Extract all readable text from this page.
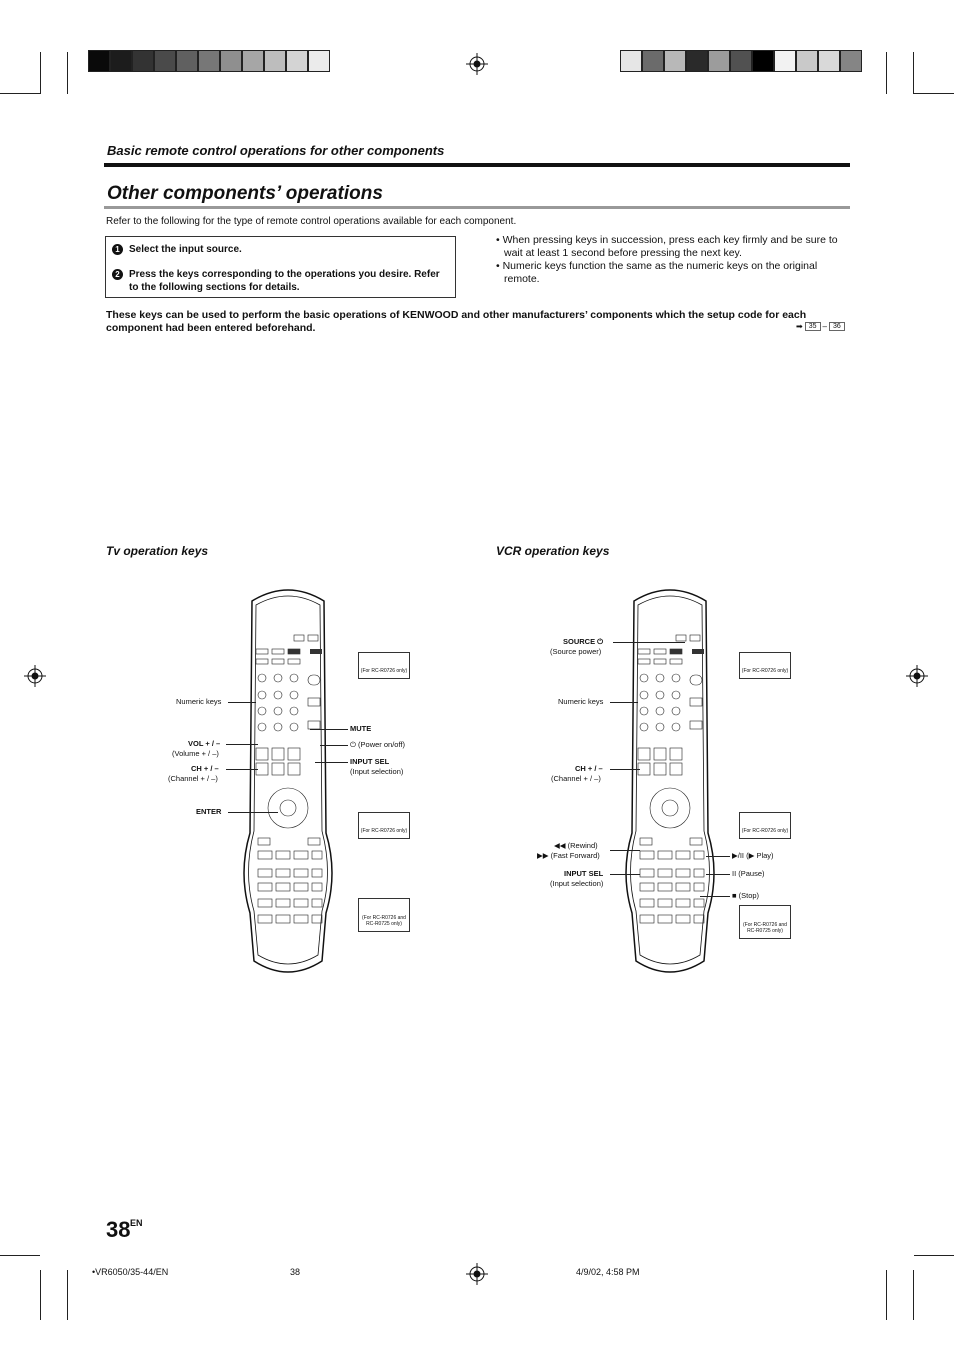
Basic remote control operations for other components
Other components’ operations
Refer to the following for the type of remote control operations available for each component.
1 Select the input source.
2 Press the keys corresponding to the operations you desire. Refer to the following sections for details.
• When pressing keys in succession, press each key firmly and be sure to wait at least 1 second before pressing the next key.
• Numeric keys function the same as the numeric keys on the original remote.
These keys can be used to perform the basic operations of KENWOOD and other manufacturers’ components which the setup code for each component had been entered beforehand.	➡ 35 – 36
Tv operation keys	VCR operation keys
Numeric keys
VOL + / –
(Volume + / –)
CH + / –
(Channel + / –)
ENTER
MUTE
⏻ (Power on/off)
INPUT SEL
(Input selection)
(For RC-R0726 only)
(For RC-R0726 only)
(For RC-R0726 and RC-R0725 only)
SOURCE ⏻
(Source power)
Numeric keys
CH + / –
(Channel + / –)
◀◀ (Rewind)
▶▶ (Fast Forward)
INPUT SEL
(Input selection)
▶/II (▶ Play)
II (Pause)
■ (Stop)
(For RC-R0726 only)
(For RC-R0726 only)
(For RC-R0726 and RC-R0725 only)
38 EN
•VR6050/35-44/EN	38	4/9/02, 4:58 PM
